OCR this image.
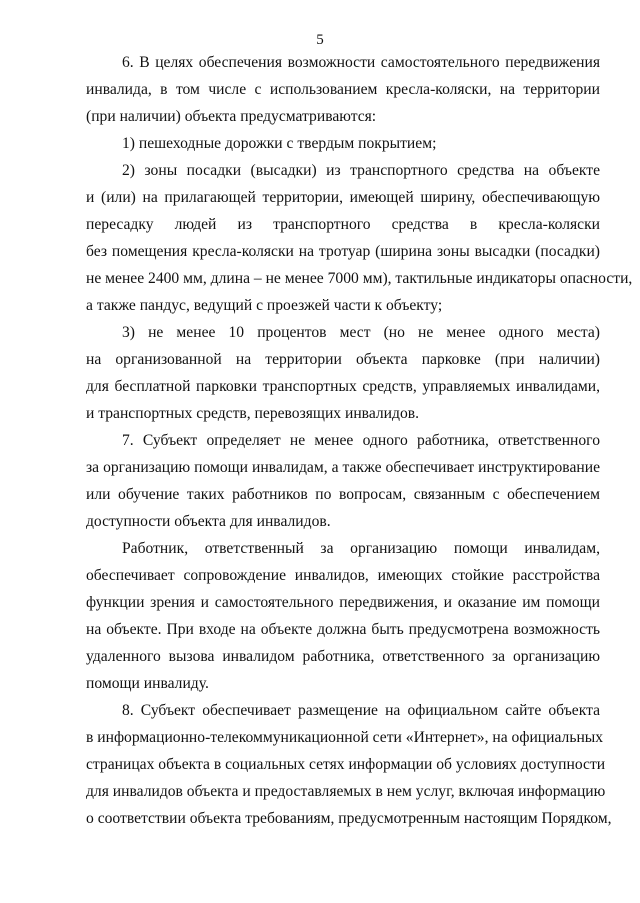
5
6. В целях обеспечения возможности самостоятельного передвижения
инвалида, в том числе с использованием кресла-коляски, на территории
(при наличии) объекта предусматриваются:
1) пешеходные дорожки с твердым покрытием;
2) зоны посадки (высадки) из транспортного средства на объекте
и (или) на прилагающей территории, имеющей ширину, обеспечивающую
пересадку людей из транспортного средства в кресла-коляски
без помещения кресла-коляски на тротуар (ширина зоны высадки (посадки)
не менее 2400 мм, длина – не менее 7000 мм), тактильные индикаторы опасности,
а также пандус, ведущий с проезжей части к объекту;
3) не менее 10 процентов мест (но не менее одного места)
на организованной на территории объекта парковке (при наличии)
для бесплатной парковки транспортных средств, управляемых инвалидами,
и транспортных средств, перевозящих инвалидов.
7. Субъект определяет не менее одного работника, ответственного
за организацию помощи инвалидам, а также обеспечивает инструктирование
или обучение таких работников по вопросам, связанным с обеспечением
доступности объекта для инвалидов.
Работник, ответственный за организацию помощи инвалидам,
обеспечивает сопровождение инвалидов, имеющих стойкие расстройства
функции зрения и самостоятельного передвижения, и оказание им помощи
на объекте. При входе на объекте должна быть предусмотрена возможность
удаленного вызова инвалидом работника, ответственного за организацию
помощи инвалиду.
8. Субъект обеспечивает размещение на официальном сайте объекта
в информационно-телекоммуникационной сети «Интернет», на официальных
страницах объекта в социальных сетях информации об условиях доступности
для инвалидов объекта и предоставляемых в нем услуг, включая информацию
о соответствии объекта требованиям, предусмотренным настоящим Порядком,
